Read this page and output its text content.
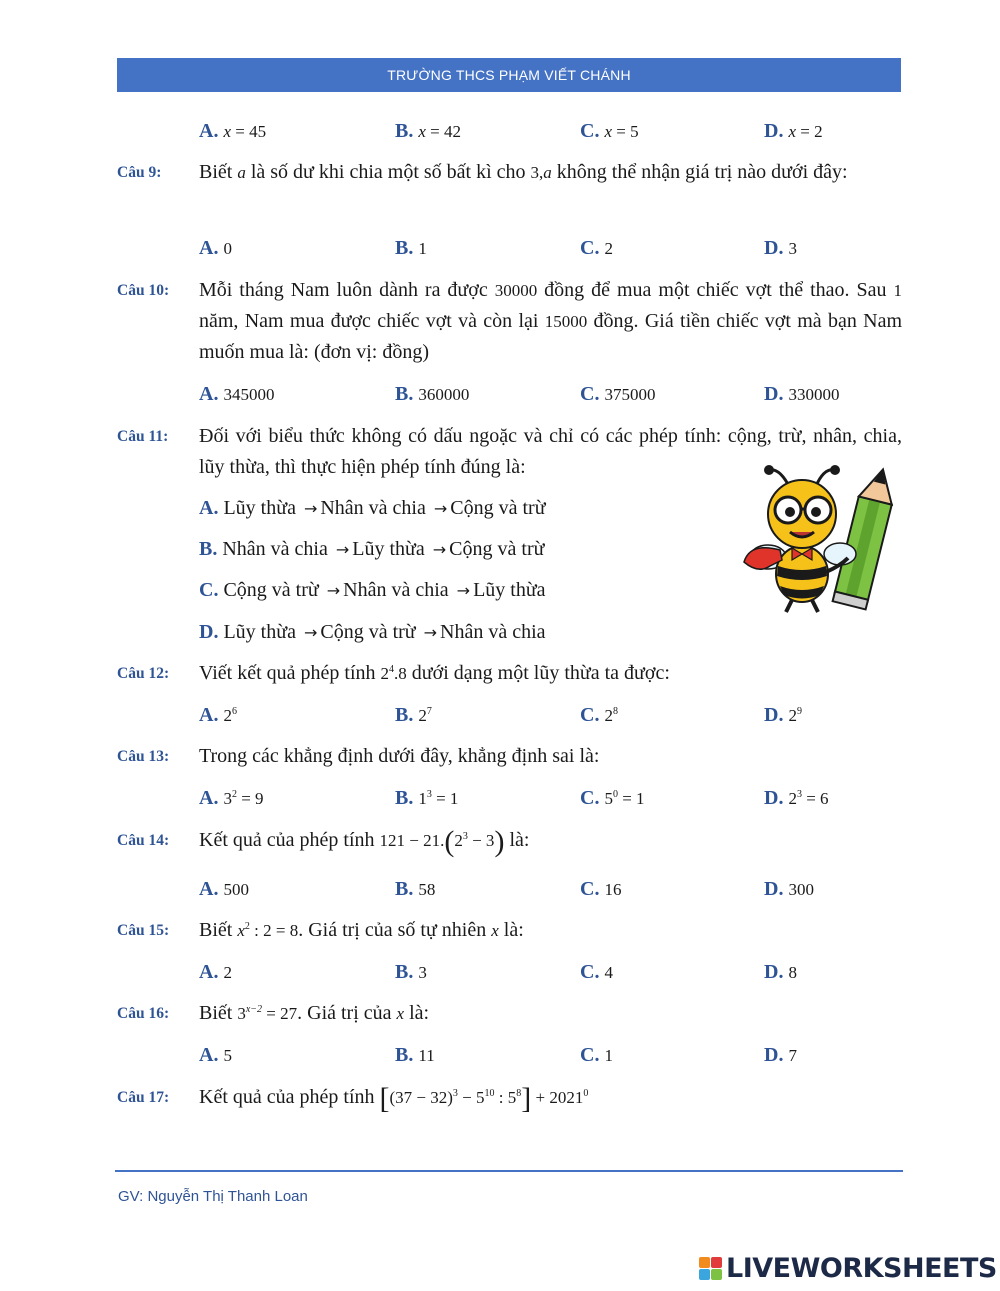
TRƯỜNG THCS PHẠM VIẾT CHÁNH
A. x = 45	B. x = 42	C. x = 5	D. x = 2
Câu 9: Biết a là số dư khi chia một số bất kì cho 3,a không thể nhận giá trị nào dưới đây:
A. 0	B. 1	C. 2	D. 3
Câu 10: Mỗi tháng Nam luôn dành ra được 30000 đồng để mua một chiếc vợt thể thao. Sau 1 năm, Nam mua được chiếc vợt và còn lại 15000 đồng. Giá tiền chiếc vợt mà bạn Nam muốn mua là: (đơn vị: đồng)
A. 345000	B. 360000	C. 375000	D. 330000
Câu 11: Đối với biểu thức không có dấu ngoặc và chỉ có các phép tính: cộng, trừ, nhân, chia, lũy thừa, thì thực hiện phép tính đúng là:
A. Lũy thừa → Nhân và chia → Cộng và trừ
B. Nhân và chia → Lũy thừa → Cộng và trừ
C. Cộng và trừ → Nhân và chia → Lũy thừa
D. Lũy thừa → Cộng và trừ → Nhân và chia
Câu 12: Viết kết quả phép tính $2^4.8$ dưới dạng một lũy thừa ta được:
A. $2^6$	B. $2^7$	C. $2^8$	D. $2^9$
Câu 13: Trong các khẳng định dưới đây, khẳng định sai là:
A. $3^2 = 9$	B. $1^3 = 1$	C. $5^0 = 1$	D. $2^3 = 6$
Câu 14: Kết quả của phép tính $121 - 21.(2^3 - 3)$ là:
A. 500	B. 58	C. 16	D. 300
Câu 15: Biết $x^2$ : 2 = 8. Giá trị của số tự nhiên x là:
A. 2	B. 3	C. 4	D. 8
Câu 16: Biết $3^{x-2} = 27$. Giá trị của x là:
A. 5	B. 11	C. 1	D. 7
Câu 17: Kết quả của phép tính [$(37 - 32)^3 - 5^{10}$ : $5^8] + 2021^0$
GV: Nguyễn Thị Thanh Loan
LIVEWORKSHEETS
